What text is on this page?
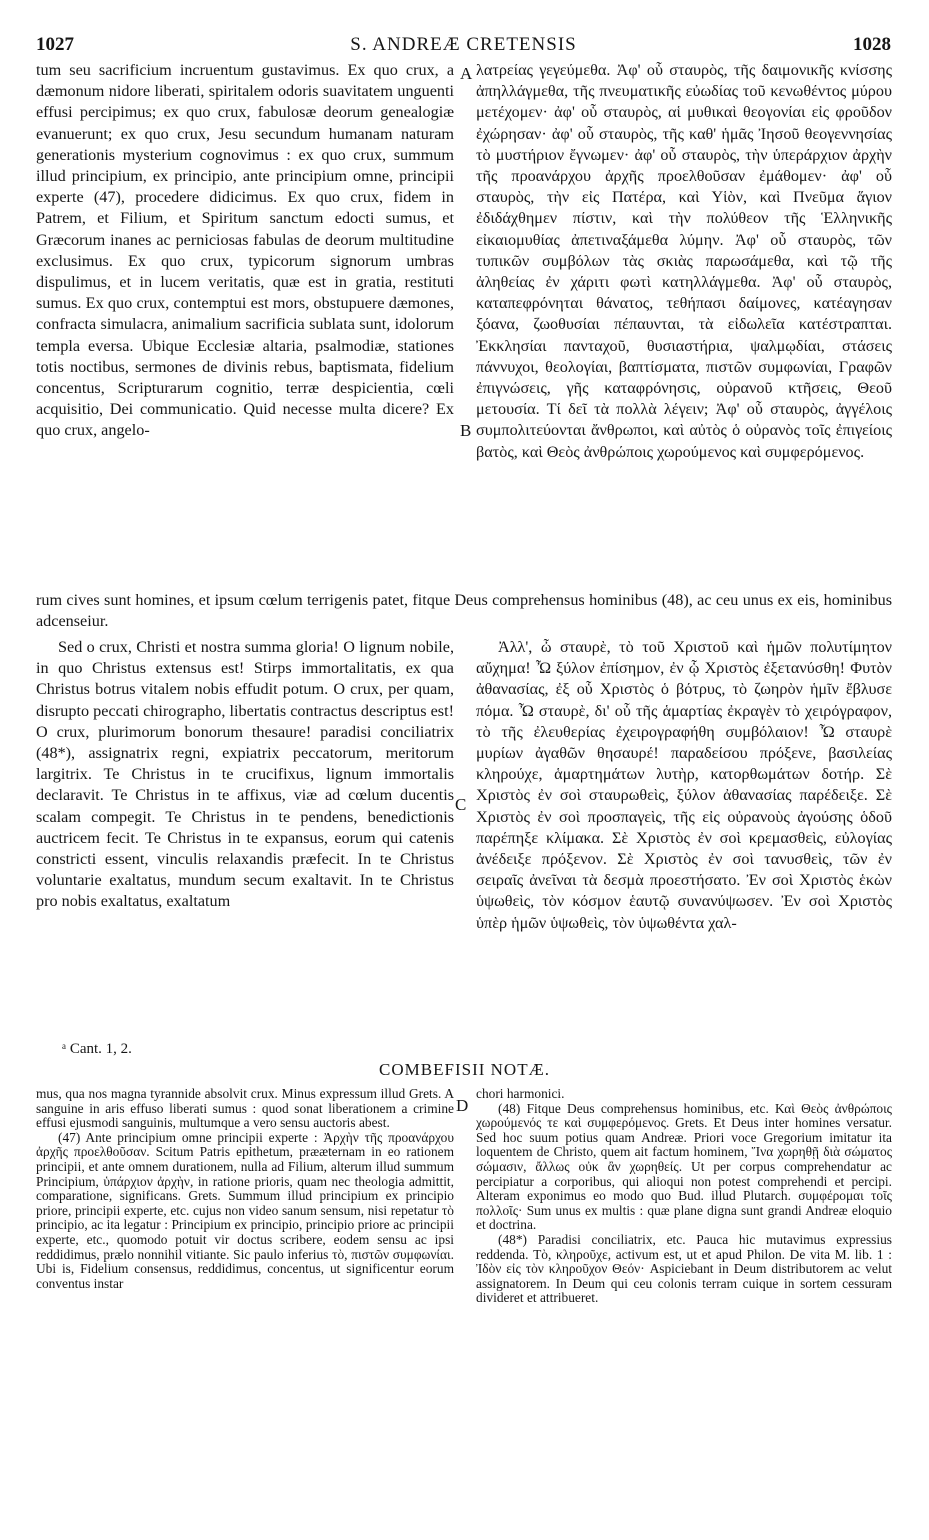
1027	S. ANDREÆ CRETENSIS	1028

tum seu sacrificium incruentum gustavimus. Ex quo crux, a dæmonum nidore liberati, spiritalem odoris suavitatem unguenti effusi percipimus; ex quo crux, fabulosæ deorum genealogiæ evanuerunt; ex quo crux, Jesu secundum humanam naturam generationis mysterium cognovimus : ex quo crux, summum illud principium, ex principio, ante principium omne, principii experte (47), procedere didicimus. Ex quo crux, fidem in Patrem, et Filium, et Spiritum sanctum edocti sumus, et Græcorum inanes ac perniciosas fabulas de deorum multitudine exclusimus. Ex quo crux, typicorum signorum umbras dispulimus, et in lucem veritatis, quæ est in gratia, restituti sumus. Ex quo crux, contemptui est mors, obstupuere dæmones, confracta simulacra, animalium sacrificia sublata sunt, idolorum templa eversa. Ubique Ecclesiæ altaria, psalmodiæ, stationes totis noctibus, sermones de divinis rebus, baptismata, fidelium concentus, Scripturarum cognitio, terræ despicientia, cœli acquisitio, Dei communicatio. Quid necesse multa dicere? Ex quo crux, angelo-

λατρείας γεγεύμεθα. Ἀφ' οὗ σταυρὸς, τῆς δαιμονικῆς κνίσσης ἀπηλλάγμεθα, τῆς πνευματικῆς εὐωδίας τοῦ κενωθέντος μύρου μετέχομεν· ἀφ' οὗ σταυρὸς, αἱ μυθικαὶ θεογονίαι εἰς φροῦδον ἐχώρησαν· ἀφ' οὗ σταυρὸς, τῆς καθ' ἡμᾶς Ἰησοῦ θεογεννησίας τὸ μυστήριον ἔγνωμεν· ἀφ' οὗ σταυρὸς, τὴν ὑπεράρχιον ἀρχὴν τῆς προανάρχου ἀρχῆς προελθοῦσαν ἐμάθομεν· ἀφ' οὗ σταυρὸς, τὴν εἰς Πατέρα, καὶ Υἱὸν, καὶ Πνεῦμα ἅγιον ἐδιδάχθημεν πίστιν, καὶ τὴν πολύθεον τῆς Ἑλληνικῆς εἰκαιομυθίας ἀπετιναξάμεθα λύμην. Ἀφ' οὗ σταυρὸς, τῶν τυπικῶν συμβόλων τὰς σκιὰς παρωσάμεθα, καὶ τῷ τῆς ἀληθείας ἐν χάριτι φωτὶ κατηλλάγμεθα. Ἀφ' οὗ σταυρὸς, καταπεφρόνηται θάνατος, τεθήπασι δαίμονες, κατέαγησαν ξόανα, ζωοθυσίαι πέπαυνται, τὰ εἰδωλεῖα κατέστραπται. Ἐκκλησίαι πανταχοῦ, θυσιαστήρια, ψαλμῳδίαι, στάσεις πάννυχοι, θεολογίαι, βαπτίσματα, πιστῶν συμφωνίαι, Γραφῶν ἐπιγνώσεις, γῆς καταφρόνησις, οὐρανοῦ κτῆσεις, Θεοῦ μετουσία. Τί δεῖ τὰ πολλὰ λέγειν; Ἀφ' οὗ σταυρὸς, ἀγγέλοις συμπολιτεύονται ἄνθρωποι, καὶ αὐτὸς ὁ οὐρανὸς τοῖς ἐπιγείοις βατὸς, καὶ Θεὸς ἀνθρώποις χωρούμενος καὶ συμφερόμενος.

rum cives sunt homines, et ipsum cœlum terrigenis patet, fitque Deus comprehensus hominibus (48), ac ceu unus ex eis, hominibus adcenseiur.

Sed o crux, Christi et nostra summa gloria! O lignum nobile, in quo Christus extensus est! Stirps immortalitatis, ex qua Christus botrus vitalem nobis effudit potum. O crux, per quam, disrupto peccati chirographo, libertatis contractus descriptus est! O crux, plurimorum bonorum thesaure! paradisi conciliatrix (48*), assignatrix regni, expiatrix peccatorum, meritorum largitrix. Te Christus in te crucifixus, lignum immortalis declaravit. Te Christus in te affixus, viæ ad cœlum ducentis scalam compegit. Te Christus in te pendens, benedictionis auctricem fecit. Te Christus in te expansus, eorum qui catenis constricti essent, vinculis relaxandis præfecit. In te Christus voluntarie exaltatus, mundum secum exaltavit. In te Christus pro nobis exaltatus, exaltatum

Ἀλλ', ὦ σταυρὲ, τὸ τοῦ Χριστοῦ καὶ ἡμῶν πολυτίμητον αὔχημα! Ὦ ξύλον ἐπίσημον, ἐν ᾧ Χριστὸς ἐξετανύσθη! Φυτὸν ἀθανασίας, ἐξ οὗ Χριστὸς ὁ βότρυς, τὸ ζωηρὸν ἡμῖν ἔβλυσε πόμα. Ὦ σταυρὲ, δι' οὗ τῆς ἁμαρτίας ἐκραγὲν τὸ χειρόγραφον, τὸ τῆς ἐλευθερίας ἐχειρογραφήθη συμβόλαιον! Ὦ σταυρὲ μυρίων ἀγαθῶν θησαυρέ! παραδείσου πρόξενε, βασιλείας κληρούχε, ἁμαρτημάτων λυτὴρ, κατορθωμάτων δοτήρ. Σὲ Χριστὸς ἐν σοὶ σταυρωθεὶς, ξύλον ἀθανασίας παρέδειξε. Σὲ Χριστὸς ἐν σοὶ προσπαγεὶς, τῆς εἰς οὐρανοὺς ἀγούσης ὁδοῦ παρέπηξε κλίμακα. Σὲ Χριστὸς ἐν σοὶ κρεμασθεὶς, εὐλογίας ἀνέδειξε πρόξενον. Σὲ Χριστὸς ἐν σοὶ τανυσθεὶς, τῶν ἐν σειραῖς ἀνεῖναι τὰ δεσμὰ προεστήσατο. Ἐν σοὶ Χριστὸς ἑκὼν ὑψωθεὶς, τὸν κόσμον ἑαυτῷ συνανύψωσεν. Ἐν σοὶ Χριστὸς ὑπὲρ ἡμῶν ὑψωθεὶς, τὸν ὑψωθέντα χαλ-

A
B
C
D
ᵃ Cant. 1, 2.
COMBEFISII NOTÆ.

mus, qua nos magna tyrannide absolvit crux. Minus expressum illud Grets. A sanguine in aris effuso liberati sumus : quod sonat liberationem a crimine effusi ejusmodi sanguinis, multumque a vero sensu auctoris abest.

(47) Ante principium omne principii experte : Ἀρχὴν τῆς προανάρχου ἀρχῆς προελθοῦσαν. Scitum Patris epithetum, prææternam in eo rationem principii, et ante omnem durationem, nulla ad Filium, alterum illud summum Principium, ὑπάρχιον ἀρχὴν, in ratione prioris, quam nec theologia admittit, comparatione, significans. Grets. Summum illud principium ex principio priore, principii experte, etc. cujus non video sanum sensum, nisi repetatur τὸ principio, ac ita legatur : Principium ex principio, principio priore ac principii experte, etc., quomodo potuit vir doctus scribere, eodem sensu ac ipsi reddidimus, prælo nonnihil vitiante. Sic paulo inferius τὸ, πιστῶν συμφωνίαι. Ubi is, Fidelium consensus, reddidimus, concentus, ut significentur eorum conventus instar

chori harmonici.

(48) Fitque Deus comprehensus hominibus, etc. Καὶ Θεὸς ἀνθρώποις χωρούμενός τε καὶ συμφερόμενος. Grets. Et Deus inter homines versatur. Sed hoc suum potius quam Andreæ. Priori voce Gregorium imitatur ita loquentem de Christo, quem ait factum hominem, Ἵνα χωρηθῇ διὰ σώματος σώμασιν, ἄλλως οὐκ ἂν χωρηθείς. Ut per corpus comprehendatur ac percipiatur a corporibus, qui alioqui non potest comprehendi et percipi. Alteram exponimus eo modo quo Bud. illud Plutarch. συμφέρομαι τοῖς πολλοῖς· Sum unus ex multis : quæ plane digna sunt grandi Andreæ eloquio et doctrina.

(48*) Paradisi conciliatrix, etc. Pauca hic mutavimus expressius reddenda. Τὸ, κληροῦχε, activum est, ut et apud Philon. De vita M. lib. 1 : Ἰδὸν εἰς τὸν κληροῦχον Θεόν· Aspiciebant in Deum distributorem ac velut assignatorem. In Deum qui ceu colonis terram cuique in sortem cessuram divideret et attribueret.
